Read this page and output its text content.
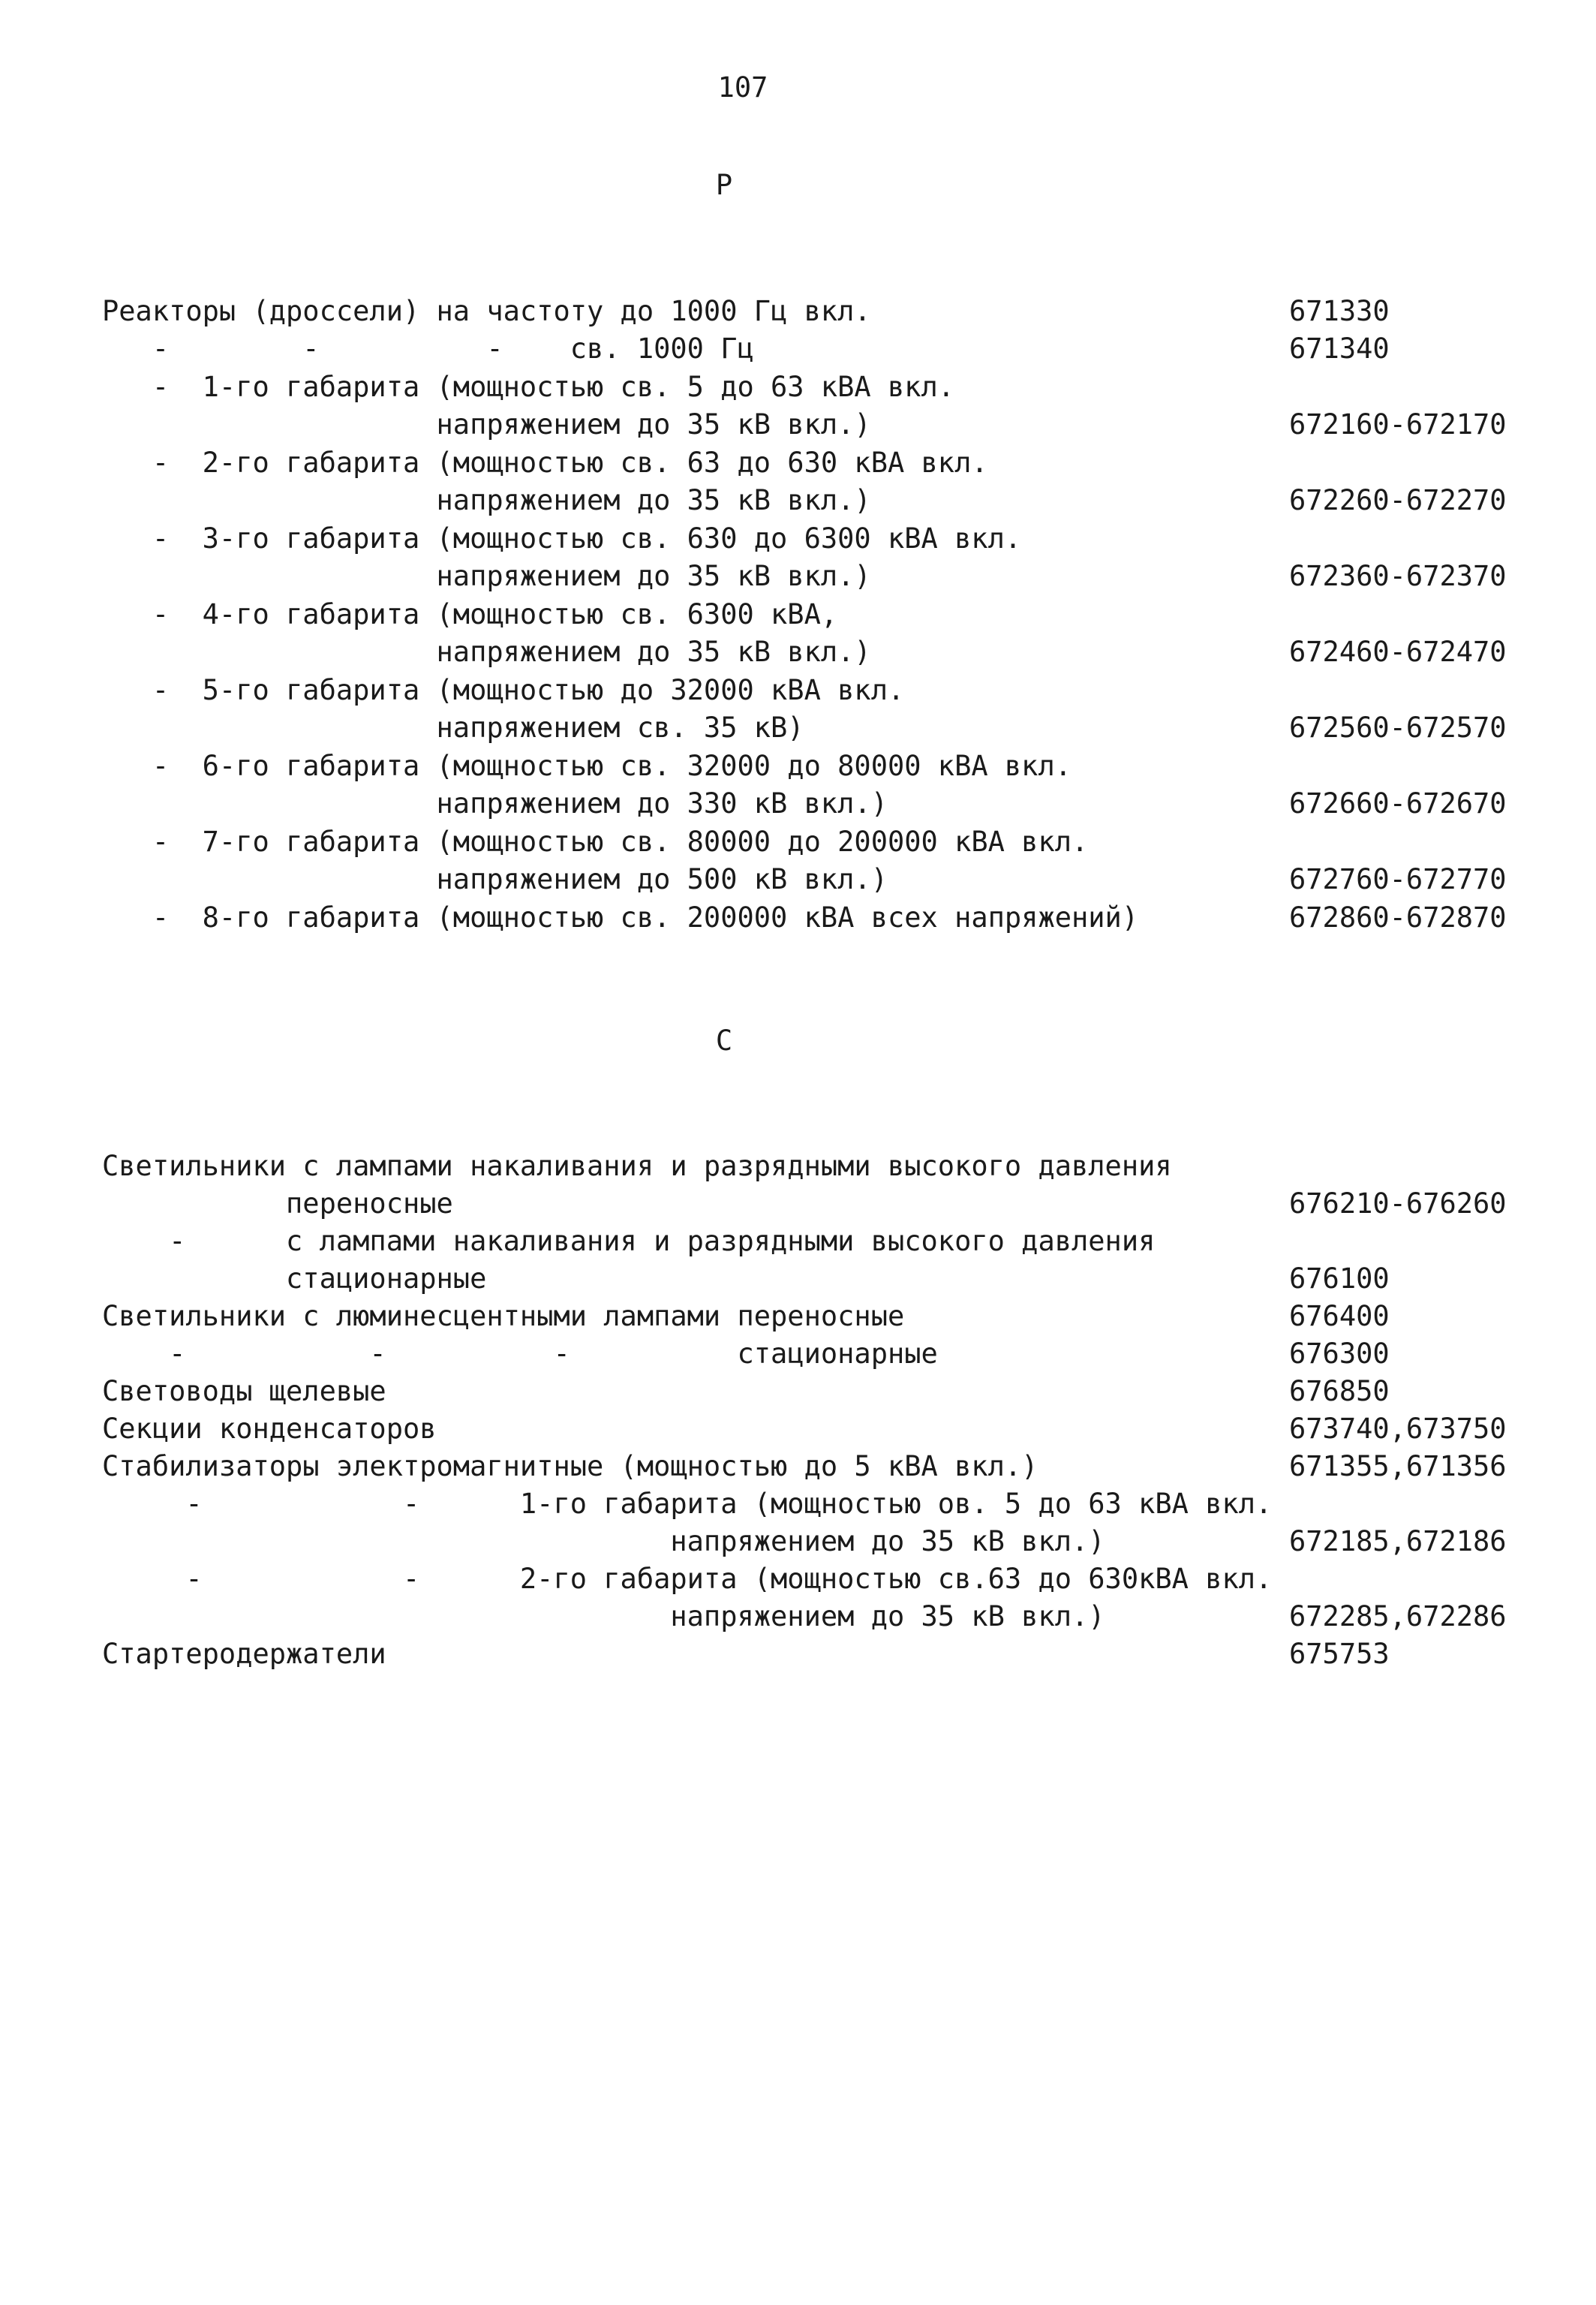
107
Р
Реакторы (дроссели) на частоту до 1000 Гц вкл.	671330
-        -          -    св. 1000 Гц	671340
-  1-го габарита (мощностью св. 5 до 63 кВА вкл.
напряжением до 35 кВ вкл.)	672160-672170
-  2-го габарита (мощностью св. 63 до 630 кВА вкл.
напряжением до 35 кВ вкл.)	672260-672270
-  3-го габарита (мощностью св. 630 до 6300 кВА вкл.
напряжением до 35 кВ вкл.)	672360-672370
-  4-го габарита (мощностью св. 6300 кВА,
напряжением до 35 кВ вкл.)	672460-672470
-  5-го габарита (мощностью до 32000 кВА вкл.
напряжением св. 35 кВ)	672560-672570
-  6-го габарита (мощностью св. 32000 до 80000 кВА вкл.
напряжением до 330 кВ вкл.)	672660-672670
-  7-го габарита (мощностью св. 80000 до 200000 кВА вкл.
напряжением до 500 кВ вкл.)	672760-672770
-  8-го габарита (мощностью св. 200000 кВА всех напряжений)	672860-672870
С
Светильники с лампами накаливания и разрядными высокого давления
переносные	676210-676260
-      с лампами накаливания и разрядными высокого давления
стационарные	676100
Светильники с люминесцентными лампами переносные	676400
-           -          -          стационарные	676300
Световоды щелевые	676850
Секции конденсаторов	673740,673750
Стабилизаторы электромагнитные (мощностью до 5 кВА вкл.)	671355,671356
-            -      1-го габарита (мощностью ов. 5 до 63 кВА вкл.
напряжением до 35 кВ вкл.)	672185,672186
-            -      2-го габарита (мощностью св.63 до 630кВА вкл.
напряжением до 35 кВ вкл.)	672285,672286
Стартеродержатели	675753
